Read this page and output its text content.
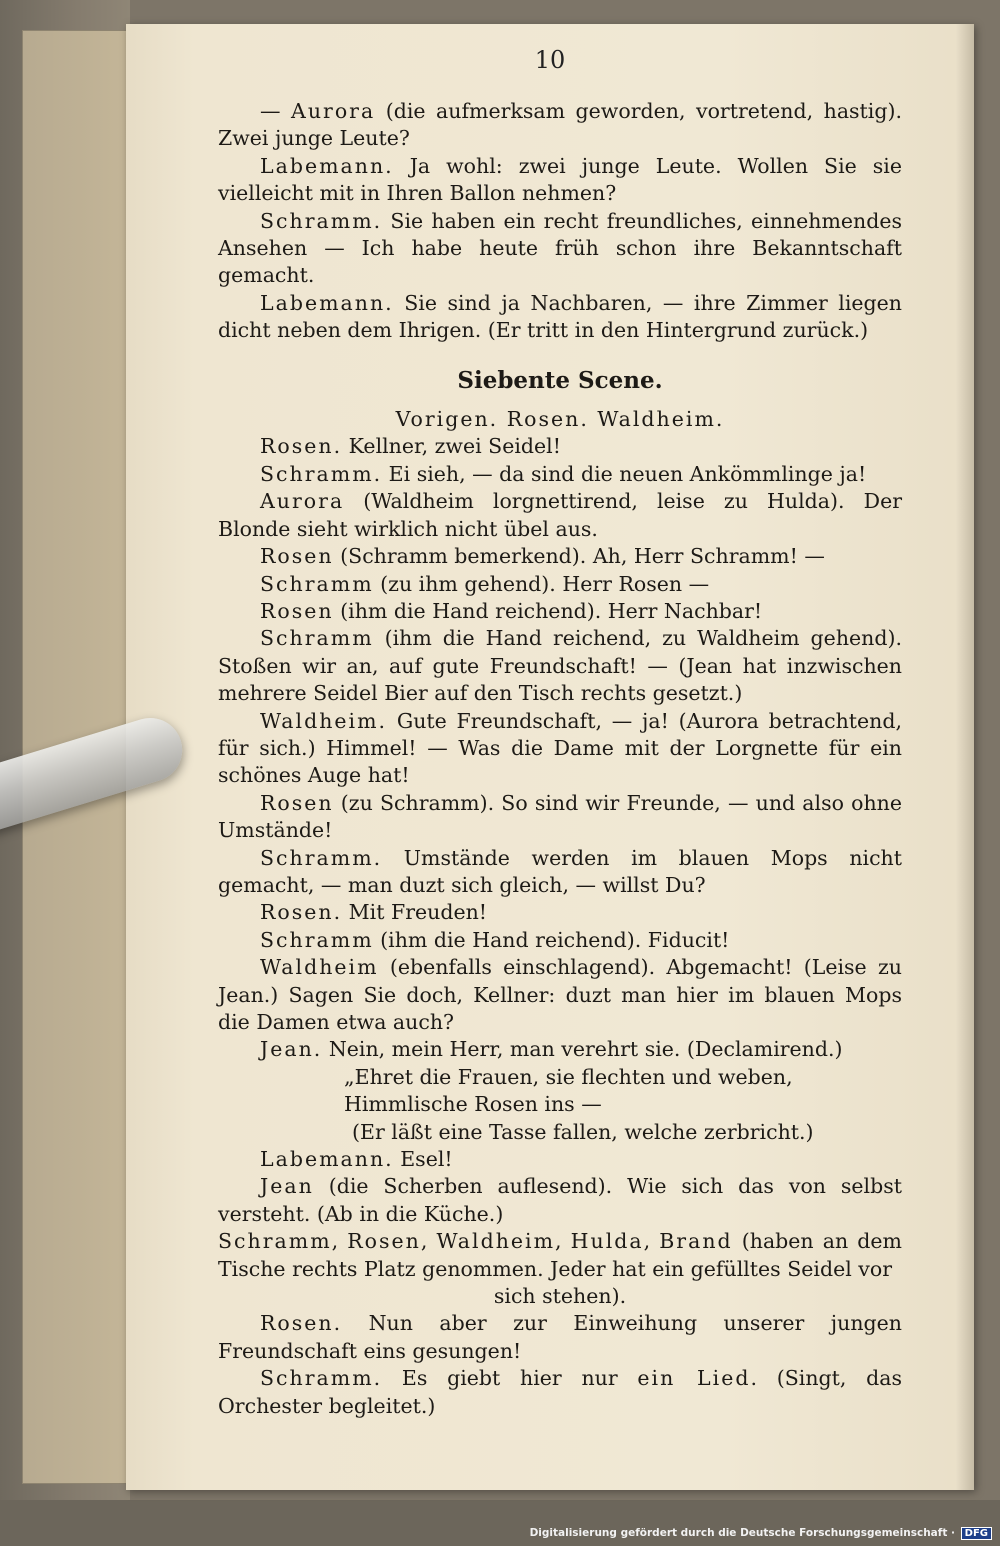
10

— Aurora (die aufmerksam geworden, vortretend, hastig). Zwei junge Leute?

Labemann. Ja wohl: zwei junge Leute. Wollen Sie sie vielleicht mit in Ihren Ballon nehmen?

Schramm. Sie haben ein recht freundliches, einnehmendes Ansehen — Ich habe heute früh schon ihre Bekanntschaft gemacht.

Labemann. Sie sind ja Nachbaren, — ihre Zimmer liegen dicht neben dem Ihrigen. (Er tritt in den Hintergrund zurück.)

Siebente Scene.

Vorigen. Rosen. Waldheim.

Rosen. Kellner, zwei Seidel!

Schramm. Ei sieh, — da sind die neuen Ankömmlinge ja!

Aurora (Waldheim lorgnettirend, leise zu Hulda). Der Blonde sieht wirklich nicht übel aus.

Rosen (Schramm bemerkend). Ah, Herr Schramm! —

Schramm (zu ihm gehend). Herr Rosen —

Rosen (ihm die Hand reichend). Herr Nachbar!

Schramm (ihm die Hand reichend, zu Waldheim gehend). Stoßen wir an, auf gute Freundschaft! — (Jean hat inzwischen mehrere Seidel Bier auf den Tisch rechts gesetzt.)

Waldheim. Gute Freundschaft, — ja! (Aurora betrachtend, für sich.) Himmel! — Was die Dame mit der Lorgnette für ein schönes Auge hat!

Rosen (zu Schramm). So sind wir Freunde, — und also ohne Umstände!

Schramm. Umstände werden im blauen Mops nicht gemacht, — man duzt sich gleich, — willst Du?

Rosen. Mit Freuden!

Schramm (ihm die Hand reichend). Fiducit!

Waldheim (ebenfalls einschlagend). Abgemacht! (Leise zu Jean.) Sagen Sie doch, Kellner: duzt man hier im blauen Mops die Damen etwa auch?

Jean. Nein, mein Herr, man verehrt sie. (Declamirend.)

„Ehret die Frauen, sie flechten und weben,

Himmlische Rosen ins —

(Er läßt eine Tasse fallen, welche zerbricht.)

Labemann. Esel!

Jean (die Scherben auflesend). Wie sich das von selbst versteht. (Ab in die Küche.)

Schramm, Rosen, Waldheim, Hulda, Brand (haben an dem Tische rechts Platz genommen. Jeder hat ein gefülltes Seidel vor
sich stehen).

Rosen. Nun aber zur Einweihung unserer jungen Freundschaft eins gesungen!

Schramm. Es giebt hier nur ein Lied. (Singt, das Orchester begleitet.)

Digitalisierung gefördert durch die Deutsche Forschungsgemeinschaft · DFG
